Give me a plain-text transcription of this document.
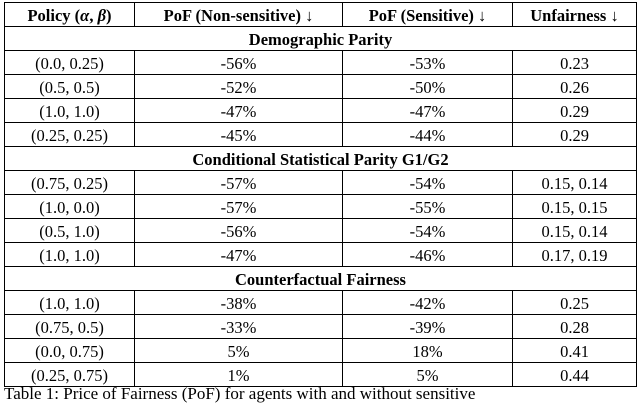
Policy (α, β)	PoF (Non-sensitive) ↓	PoF (Sensitive) ↓	Unfairness ↓
Demographic Parity			
(0.0, 0.25)	-56%	-53%	0.23
(0.5, 0.5)	-52%	-50%	0.26
(1.0, 1.0)	-47%	-47%	0.29
(0.25, 0.25)	-45%	-44%	0.29
Conditional Statistical Parity G1/G2			
(0.75, 0.25)	-57%	-54%	0.15, 0.14
(1.0, 0.0)	-57%	-55%	0.15, 0.15
(0.5, 1.0)	-56%	-54%	0.15, 0.14
(1.0, 1.0)	-47%	-46%	0.17, 0.19
Counterfactual Fairness			
(1.0, 1.0)	-38%	-42%	0.25
(0.75, 0.5)	-33%	-39%	0.28
(0.0, 0.75)	5%	18%	0.41
(0.25, 0.75)	1%	5%	0.44
Table 1: Price of Fairness (PoF) for agents with and without sensitive
